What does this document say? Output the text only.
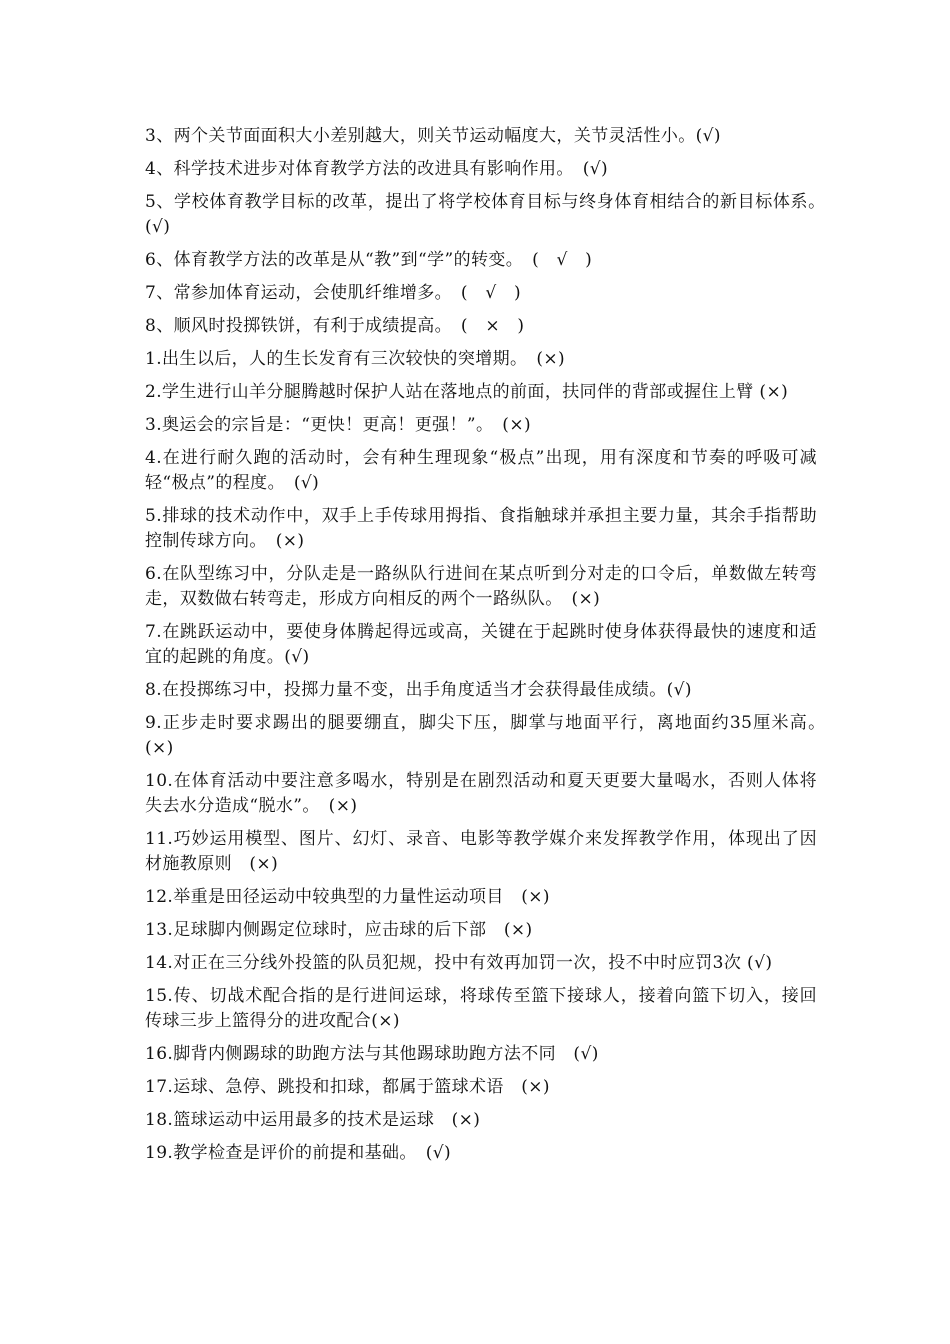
3、两个关节面面积大小差别越大，则关节运动幅度大，关节灵活性小。(√)
4、科学技术进步对体育教学方法的改进具有影响作用。　(√)
5、学校体育教学目标的改革，提出了将学校体育目标与终身体育相结合的新目标体系。　(√)
6、体育教学方法的改革是从“教”到“学”的转变。　(　√　)
7、常参加体育运动，会使肌纤维增多。　(　√　)
8、顺风时投掷铁饼，有利于成绩提高。　(　×　)
1.出生以后，人的生长发育有三次较快的突增期。　(×)
2.学生进行山羊分腿腾越时保护人站在落地点的前面，扶同伴的背部或握住上臂 (×)
3.奥运会的宗旨是：“更快！更高！更强！”。　(×)
4.在进行耐久跑的活动时，会有种生理现象“极点”出现，用有深度和节奏的呼吸可减轻“极点”的程度。　(√)
5.排球的技术动作中，双手上手传球用拇指、食指触球并承担主要力量，其余手指帮助控制传球方向。　(×)
6.在队型练习中，分队走是一路纵队行进间在某点听到分对走的口令后，单数做左转弯走，双数做右转弯走，形成方向相反的两个一路纵队。　(×)
7.在跳跃运动中，要使身体腾起得远或高，关键在于起跳时使身体获得最快的速度和适宜的起跳的角度。(√)
8.在投掷练习中，投掷力量不变，出手角度适当才会获得最佳成绩。(√)
9.正步走时要求踢出的腿要绷直，脚尖下压，脚掌与地面平行，离地面约35厘米高。　(×)
10.在体育活动中要注意多喝水，特别是在剧烈活动和夏天更要大量喝水，否则人体将失去水分造成“脱水”。　(×)
11.巧妙运用模型、图片、幻灯、录音、电影等教学媒介来发挥教学作用，体现出了因材施教原则　(×)
12.举重是田径运动中较典型的力量性运动项目　(×)
13.足球脚内侧踢定位球时，应击球的后下部　(×)
14.对正在三分线外投篮的队员犯规，投中有效再加罚一次，投不中时应罚3次 (√)
15.传、切战术配合指的是行进间运球，将球传至篮下接球人，接着向篮下切入，接回传球三步上篮得分的进攻配合(×)
16.脚背内侧踢球的助跑方法与其他踢球助跑方法不同　(√)
17.运球、急停、跳投和扣球，都属于篮球术语　(×)
18.篮球运动中运用最多的技术是运球　(×)
19.教学检查是评价的前提和基础。　(√)
